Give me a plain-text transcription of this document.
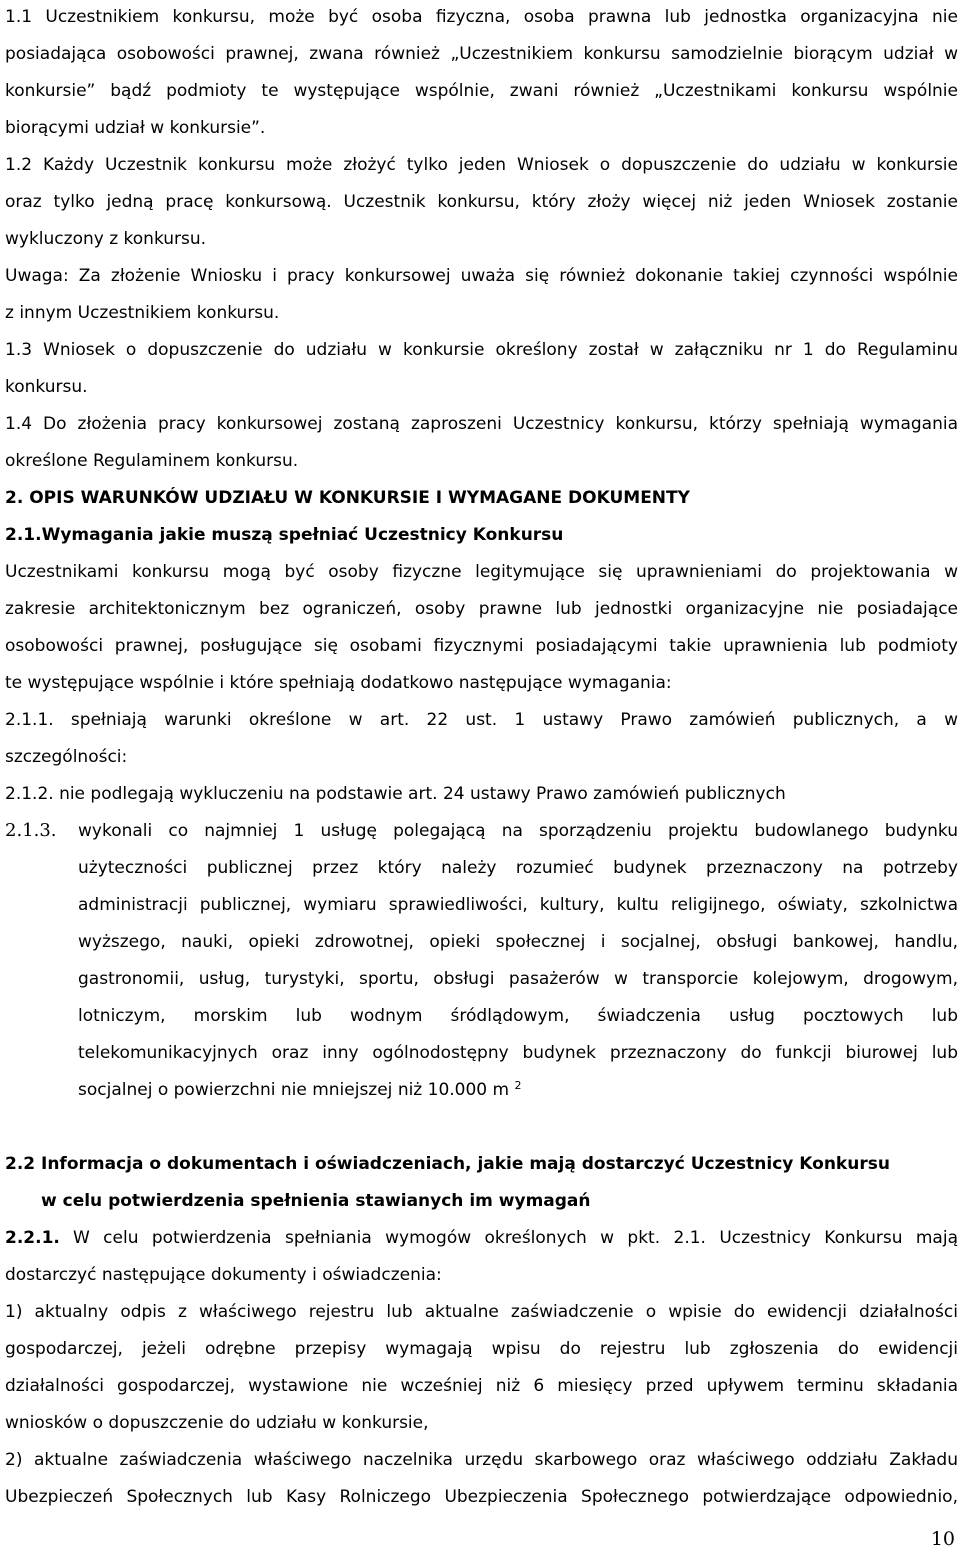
1.1 Uczestnikiem konkursu, może być osoba fizyczna, osoba prawna lub jednostka organizacyjna nie
posiadająca osobowości prawnej, zwana również „Uczestnikiem konkursu samodzielnie biorącym udział w
konkursie” bądź podmioty te występujące wspólnie, zwani również „Uczestnikami konkursu wspólnie
biorącymi udział w konkursie”.
1.2 Każdy Uczestnik konkursu może złożyć tylko jeden Wniosek o dopuszczenie do udziału w konkursie
oraz tylko jedną pracę konkursową. Uczestnik konkursu, który złoży więcej niż jeden Wniosek zostanie
wykluczony z konkursu.
Uwaga: Za złożenie Wniosku i pracy konkursowej uważa się również dokonanie takiej czynności wspólnie
z innym Uczestnikiem konkursu.
1.3 Wniosek o dopuszczenie do udziału w konkursie określony został w załączniku nr 1 do Regulaminu
konkursu.
1.4 Do złożenia pracy konkursowej zostaną zaproszeni Uczestnicy konkursu, którzy spełniają wymagania
określone Regulaminem konkursu.
2. OPIS WARUNKÓW UDZIAŁU W KONKURSIE I WYMAGANE DOKUMENTY
2.1.Wymagania jakie muszą spełniać Uczestnicy Konkursu
Uczestnikami konkursu mogą być osoby fizyczne legitymujące się uprawnieniami do projektowania w
zakresie architektonicznym bez ograniczeń, osoby prawne lub jednostki organizacyjne nie posiadające
osobowości prawnej, posługujące się osobami fizycznymi posiadającymi takie uprawnienia lub podmioty
te występujące wspólnie i które spełniają dodatkowo następujące wymagania:
2.1.1. spełniają warunki określone w art. 22 ust. 1 ustawy Prawo zamówień publicznych, a w
szczególności:
2.1.2. nie podlegają wykluczeniu na podstawie art. 24 ustawy Prawo zamówień publicznych
2.1.3.	wykonali co najmniej 1 usługę polegającą na sporządzeniu projektu budowlanego budynku
użyteczności publicznej przez który należy rozumieć budynek przeznaczony na potrzeby
administracji publicznej, wymiaru sprawiedliwości, kultury, kultu religijnego, oświaty, szkolnictwa
wyższego, nauki, opieki zdrowotnej, opieki społecznej i socjalnej, obsługi bankowej, handlu,
gastronomii, usług, turystyki, sportu, obsługi pasażerów w transporcie kolejowym, drogowym,
lotniczym, morskim lub wodnym śródlądowym, świadczenia usług pocztowych lub
telekomunikacyjnych oraz inny ogólnodostępny budynek przeznaczony do funkcji biurowej lub
socjalnej o powierzchni nie mniejszej niż 10.000 m $^2$
2.2 Informacja o dokumentach i oświadczeniach, jakie mają dostarczyć Uczestnicy Konkursu
w celu potwierdzenia spełnienia stawianych im wymagań
2.2.1. W celu potwierdzenia spełniania wymogów określonych w pkt. 2.1. Uczestnicy Konkursu mają
dostarczyć następujące dokumenty i oświadczenia:
1) aktualny odpis z właściwego rejestru lub aktualne zaświadczenie o wpisie do ewidencji działalności
gospodarczej, jeżeli odrębne przepisy wymagają wpisu do rejestru lub zgłoszenia do ewidencji
działalności gospodarczej, wystawione nie wcześniej niż 6 miesięcy przed upływem terminu składania
wniosków o dopuszczenie do udziału w konkursie,
2) aktualne zaświadczenia właściwego naczelnika urzędu skarbowego oraz właściwego oddziału Zakładu
Ubezpieczeń Społecznych lub Kasy Rolniczego Ubezpieczenia Społecznego potwierdzające odpowiednio,
10
